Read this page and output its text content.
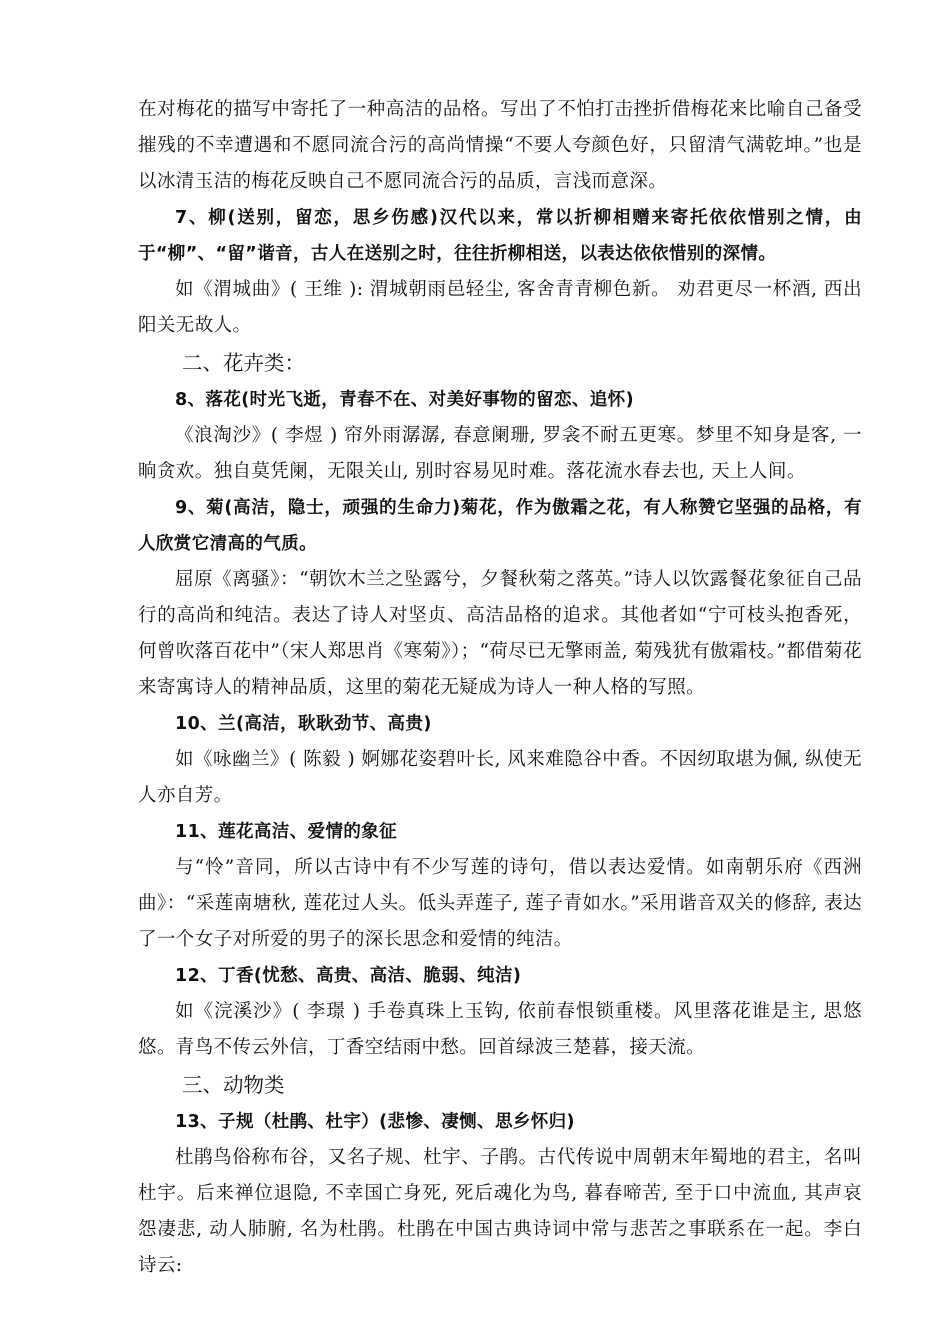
在对梅花的描写中寄托了一种高洁的品格。写出了不怕打击挫折借梅花来比喻自己备受摧残的不幸遭遇和不愿同流合污的高尚情操“不要人夸颜色好，只留清气满乾坤。”也是以冰清玉洁的梅花反映自己不愿同流合污的品质，言浅而意深。

7、柳(送别，留恋，思乡伤感)汉代以来，常以折柳相赠来寄托依依惜别之情，由于“柳”、“留”谐音，古人在送别之时，往往折柳相送，以表达依依惜别的深情。

如《渭城曲》( 王维 ): 渭城朝雨邑轻尘, 客舍青青柳色新。 劝君更尽一杯酒, 西出阳关无故人。

二、花卉类：

8、落花(时光飞逝，青春不在、对美好事物的留恋、追怀)

《浪淘沙》( 李煜 ) 帘外雨潺潺, 春意阑珊, 罗衾不耐五更寒。梦里不知身是客, 一晌贪欢。独自莫凭阑，无限关山, 别时容易见时难。落花流水春去也, 天上人间。

9、菊(高洁，隐士，顽强的生命力)菊花，作为傲霜之花，有人称赞它坚强的品格，有人欣赏它清高的气质。

屈原《离骚》：“朝饮木兰之坠露兮，夕餐秋菊之落英。”诗人以饮露餐花象征自己品行的高尚和纯洁。表达了诗人对坚贞、高洁品格的追求。其他者如“宁可枝头抱香死，何曾吹落百花中”（宋人郑思肖《寒菊》）；“荷尽已无擎雨盖, 菊残犹有傲霜枝。”都借菊花来寄寓诗人的精神品质，这里的菊花无疑成为诗人一种人格的写照。

10、兰(高洁，耿耿劲节、高贵)

如《咏幽兰》( 陈毅 ) 婀娜花姿碧叶长, 风来难隐谷中香。不因纫取堪为佩, 纵使无人亦自芳。

11、莲花高洁、爱情的象征

与“怜”音同，所以古诗中有不少写莲的诗句，借以表达爱情。如南朝乐府《西洲曲》：“采莲南塘秋, 莲花过人头。低头弄莲子, 莲子青如水。”采用谐音双关的修辞, 表达了一个女子对所爱的男子的深长思念和爱情的纯洁。

12、丁香(忧愁、高贵、高洁、脆弱、纯洁)

如《浣溪沙》( 李璟 ) 手卷真珠上玉钩, 依前春恨锁重楼。风里落花谁是主, 思悠悠。青鸟不传云外信，丁香空结雨中愁。回首绿波三楚暮，接天流。

三、动物类

13、子规（杜鹃、杜宇）(悲惨、凄恻、思乡怀归)

杜鹃鸟俗称布谷，又名子规、杜宇、子鹃。古代传说中周朝末年蜀地的君主，名叫杜宇。后来禅位退隐, 不幸国亡身死, 死后魂化为鸟, 暮春啼苦, 至于口中流血, 其声哀怨凄悲, 动人肺腑, 名为杜鹃。杜鹃在中国古典诗词中常与悲苦之事联系在一起。李白诗云:
